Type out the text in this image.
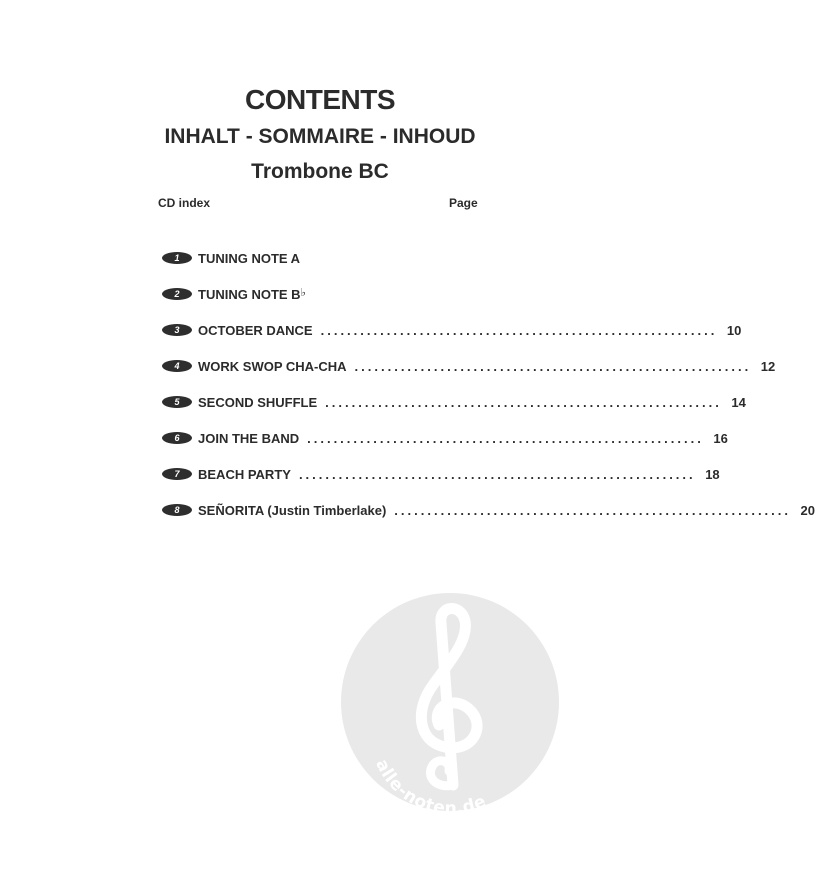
CONTENTS
INHALT - SOMMAIRE - INHOUD
Trombone BC
CD index	Page
1	TUNING NOTE A
2	TUNING NOTE B♭
3	OCTOBER DANCE ............................................................ 10
4	WORK SWOP CHA-CHA ............................................................ 12
5	SECOND SHUFFLE ............................................................ 14
6	JOIN THE BAND ............................................................ 16
7	BEACH PARTY ............................................................ 18
8	SEÑORITA (Justin Timberlake) ............................................................ 20
alle-noten.de
